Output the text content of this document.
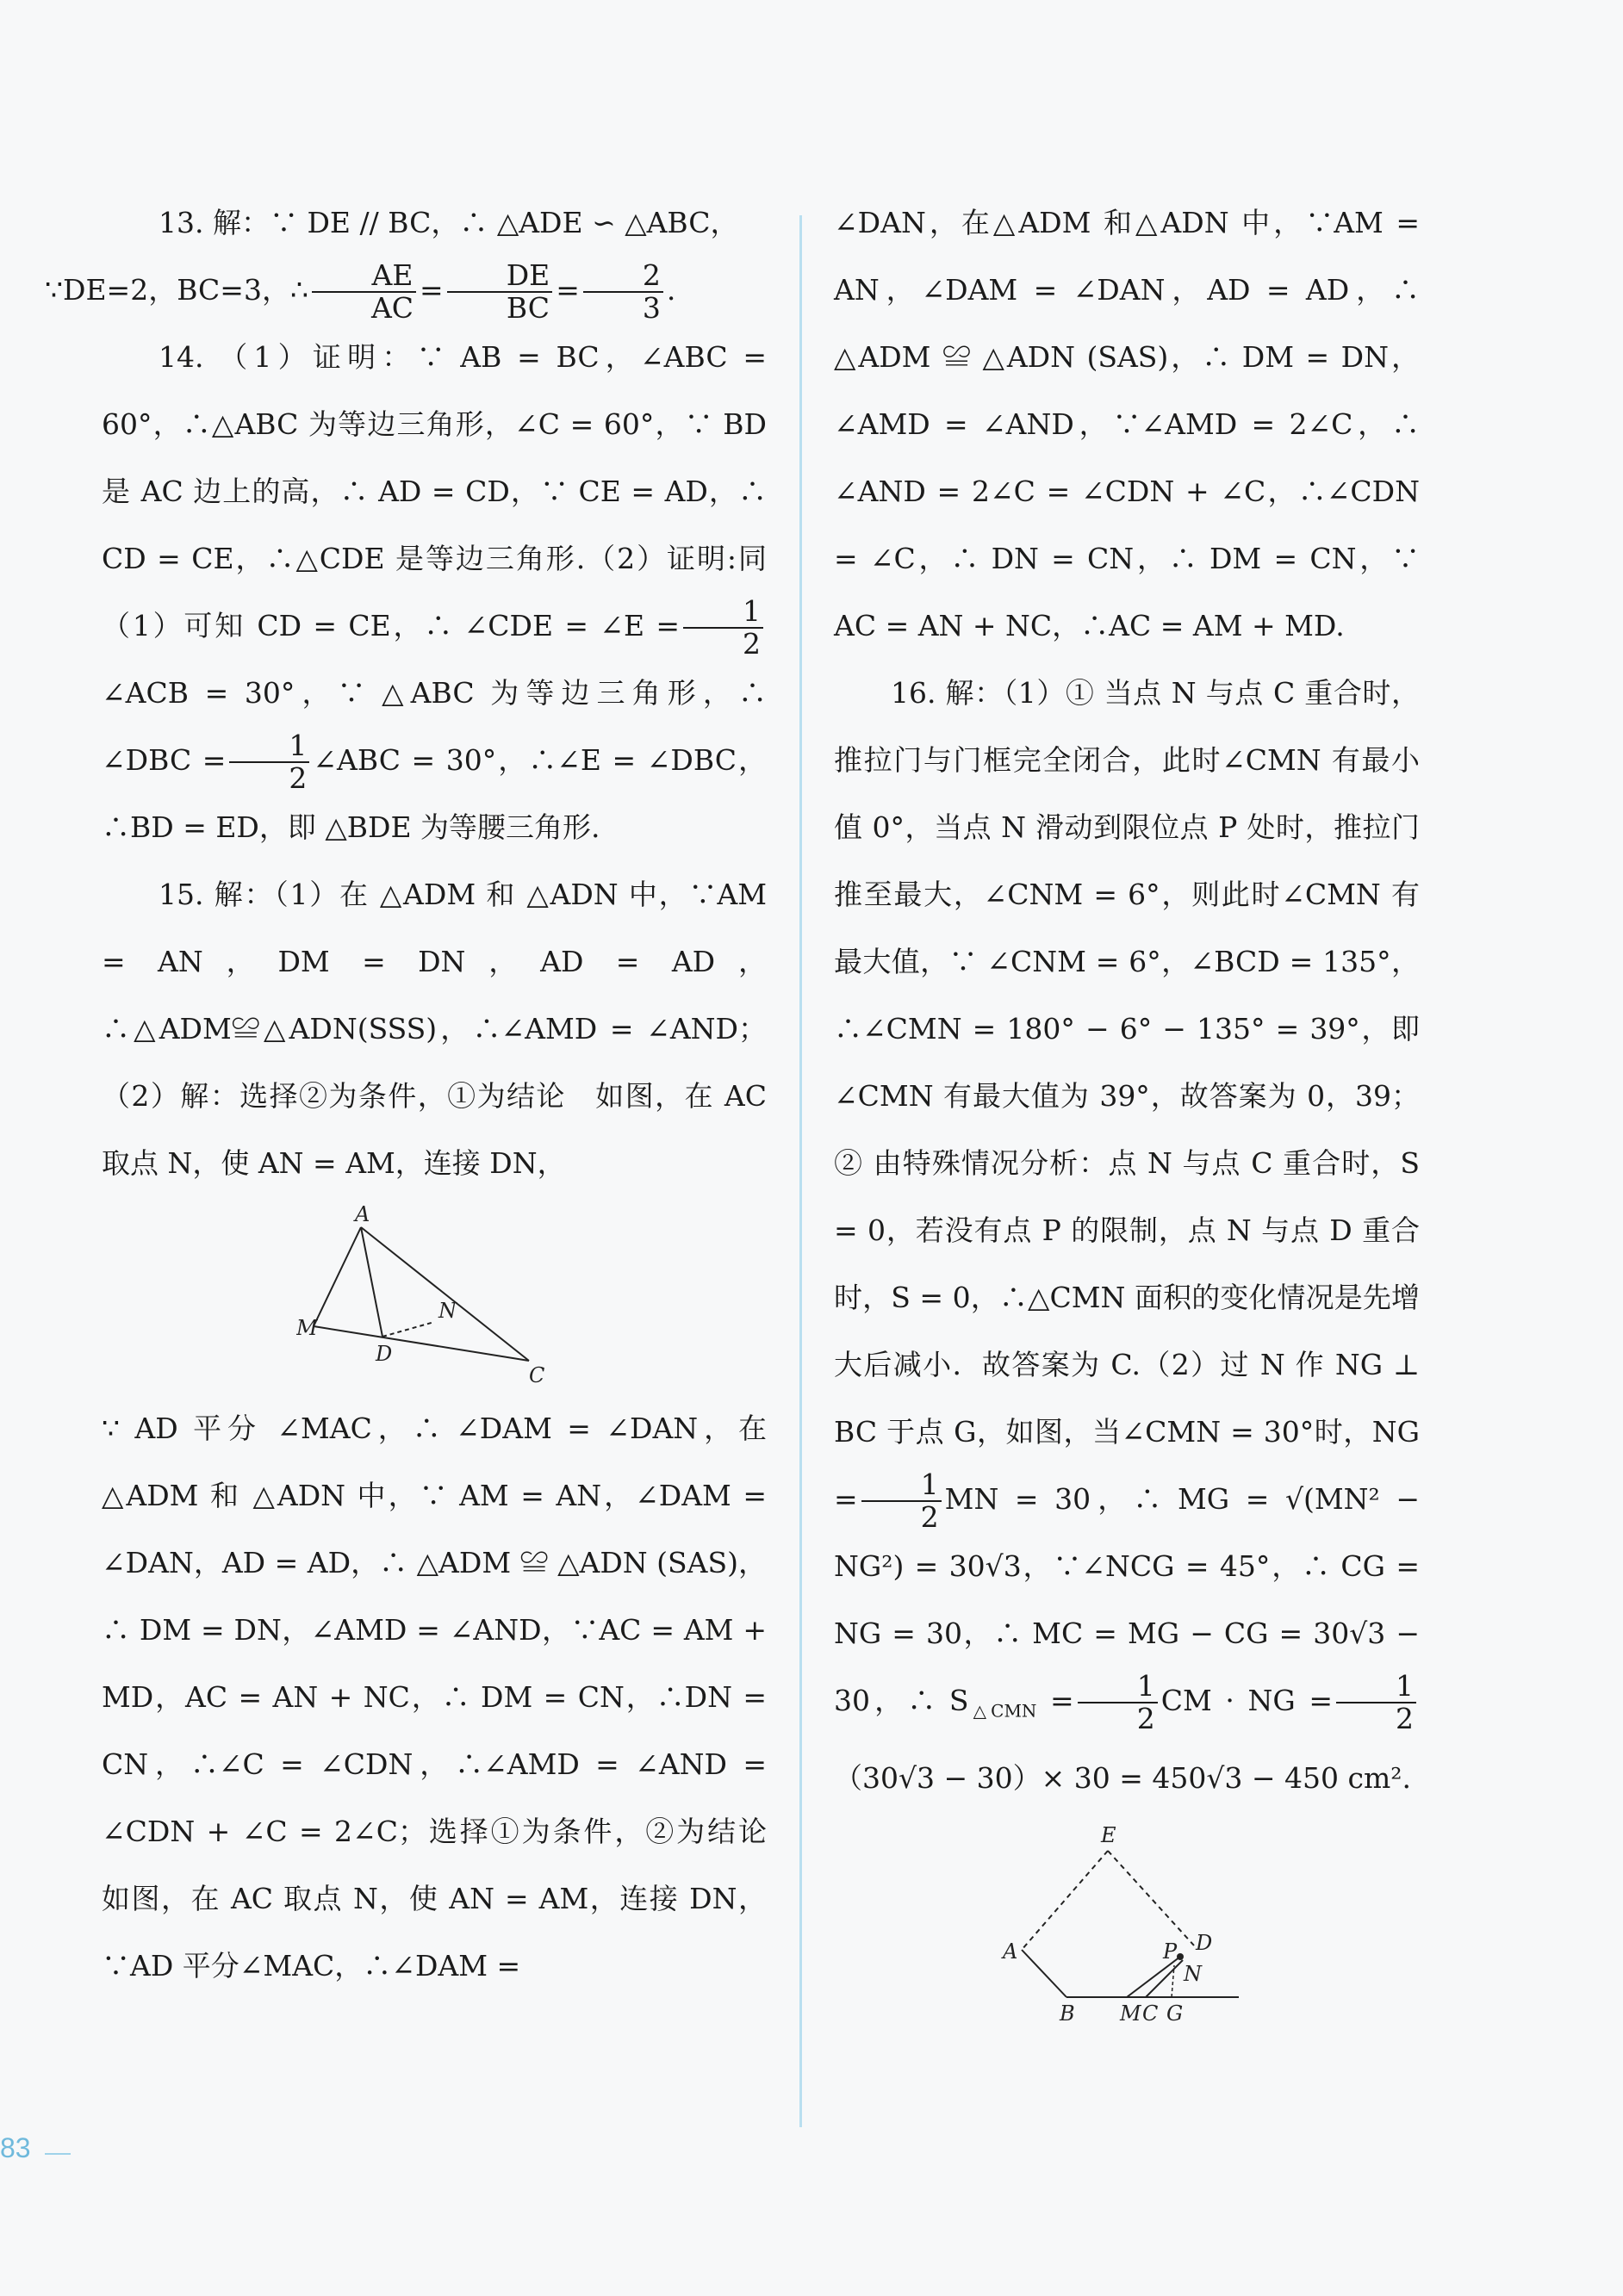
13. 解：∵ DE // BC，∴ △ADE ∽ △ABC，
∵DE=2，BC=3，∴ $\frac{AE}{AC} = \frac{DE}{BC} = \frac{2}{3}$ .

14. （1）证明：∵ AB = BC，∠ABC = 60°，∴△ABC 为等边三角形，∠C = 60°，∵ BD 是 AC 边上的高，∴ AD = CD，∵ CE = AD，∴ CD = CE，∴△CDE 是等边三角形.（2）证明:同（1）可知 CD = CE，∴ ∠CDE = ∠E = $\frac{1}{2}$
∠ACB = 30°，∵ △ABC 为等边三角形，∴ ∠DBC = $\frac{1}{2}$ ∠ABC = 30°，∴∠E = ∠DBC，∴BD = ED，即 △BDE 为等腰三角形.

15. 解：（1）在 △ADM 和 △ADN 中，∵AM = AN，DM = DN，AD = AD，∴△ADM≌△ADN(SSS)，∴∠AMD = ∠AND；（2）解：选择②为条件，①为结论　如图，在 AC 取点 N，使 AN = AM，连接 DN，

A
M
D
N
C

∵ AD 平分 ∠MAC，∴ ∠DAM = ∠DAN，在 △ADM 和 △ADN 中，∵ AM = AN，∠DAM = ∠DAN，AD = AD，∴ △ADM ≌ △ADN (SAS)，∴ DM = DN，∠AMD = ∠AND，∵AC = AM + MD，AC = AN + NC，∴ DM = CN，∴DN = CN，∴∠C = ∠CDN，∴∠AMD = ∠AND = ∠CDN + ∠C = 2∠C；选择①为条件，②为结论　如图，在 AC 取点 N，使 AN = AM，连接 DN，∵AD 平分∠MAC，∴∠DAM =

∠DAN，在△ADM 和△ADN 中，∵AM = AN，∠DAM = ∠DAN，AD = AD，∴ △ADM ≌ △ADN (SAS)，∴ DM = DN，∠AMD = ∠AND，∵∠AMD = 2∠C，∴ ∠AND = 2∠C = ∠CDN + ∠C，∴∠CDN = ∠C，∴ DN = CN，∴ DM = CN，∵ AC = AN + NC，∴AC = AM + MD.

16. 解：（1）① 当点 N 与点 C 重合时，推拉门与门框完全闭合，此时∠CMN 有最小值 0°，当点 N 滑动到限位点 P 处时，推拉门推至最大，∠CNM = 6°，则此时∠CMN 有最大值，∵ ∠CNM = 6°，∠BCD = 135°，∴∠CMN = 180° − 6° − 135° = 39°，即∠CMN 有最大值为 39°，故答案为 0，39；② 由特殊情况分析：点 N 与点 C 重合时，S = 0，若没有点 P 的限制，点 N 与点 D 重合时，S = 0，∴△CMN 面积的变化情况是先增大后减小．故答案为 C.（2）过 N 作 NG ⊥ BC 于点 G，如图，当∠CMN = 30°时，NG = $\frac{1}{2}$ MN = 30，∴ MG = √(MN² − NG²) = 30√3，∵∠NCG = 45°，∴ CG = NG = 30，∴ MC = MG − CG = 30√3 − 30，∴ $S_{\triangle CMN} = \frac{1}{2}$ CM · NG = $\frac{1}{2}$
（30√3 − 30）× 30 = 450√3 − 450 cm².

E
A	P D
N
B M C G
83
